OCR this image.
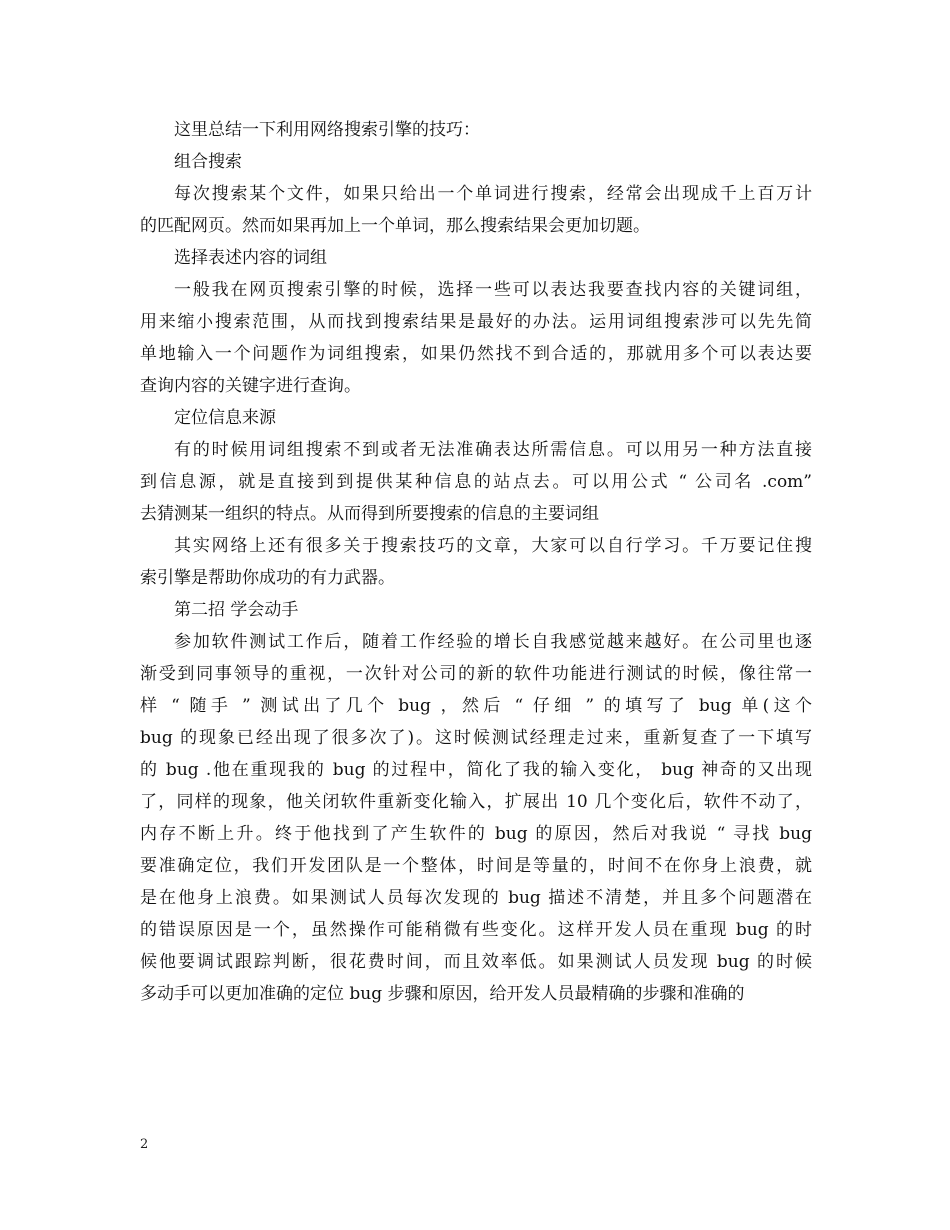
这里总结一下利用网络搜索引擎的技巧：
组合搜索
每次搜索某个文件，如果只给出一个单词进行搜索，经常会出现成千上百万计
的匹配网页。然而如果再加上一个单词，那么搜索结果会更加切题。
选择表述内容的词组
一般我在网页搜索引擎的时候，选择一些可以表达我要查找内容的关键词组，
用来缩小搜索范围，从而找到搜索结果是最好的办法。运用词组搜索涉可以先先简
单地输入一个问题作为词组搜索，如果仍然找不到合适的，那就用多个可以表达要
查询内容的关键字进行查询。
定位信息来源
有的时候用词组搜索不到或者无法准确表达所需信息。可以用另一种方法直接
到信息源，就是直接到到提供某种信息的站点去。可以用公式 “ 公司名 .com”
去猜测某一组织的特点。从而得到所要搜索的信息的主要词组
其实网络上还有很多关于搜索技巧的文章，大家可以自行学习。千万要记住搜
索引擎是帮助你成功的有力武器。
第二招 学会动手
参加软件测试工作后，随着工作经验的增长自我感觉越来越好。在公司里也逐
渐受到同事领导的重视，一次针对公司的新的软件功能进行测试的时候，像往常一
样 “ 随手 ” 测试出了几个 bug ，然后 “ 仔细 ” 的填写了 bug 单(这个
bug 的现象已经出现了很多次了)。这时候测试经理走过来，重新复查了一下填写
的 bug .他在重现我的 bug 的过程中，简化了我的输入变化， bug 神奇的又出现
了，同样的现象，他关闭软件重新变化输入，扩展出 10 几个变化后，软件不动了，
内存不断上升。终于他找到了产生软件的 bug 的原因，然后对我说 “ 寻找 bug
要准确定位，我们开发团队是一个整体，时间是等量的，时间不在你身上浪费，就
是在他身上浪费。如果测试人员每次发现的 bug 描述不清楚，并且多个问题潜在
的错误原因是一个，虽然操作可能稍微有些变化。这样开发人员在重现 bug 的时
候他要调试跟踪判断，很花费时间，而且效率低。如果测试人员发现 bug 的时候
多动手可以更加准确的定位 bug 步骤和原因，给开发人员最精确的步骤和准确的
2
